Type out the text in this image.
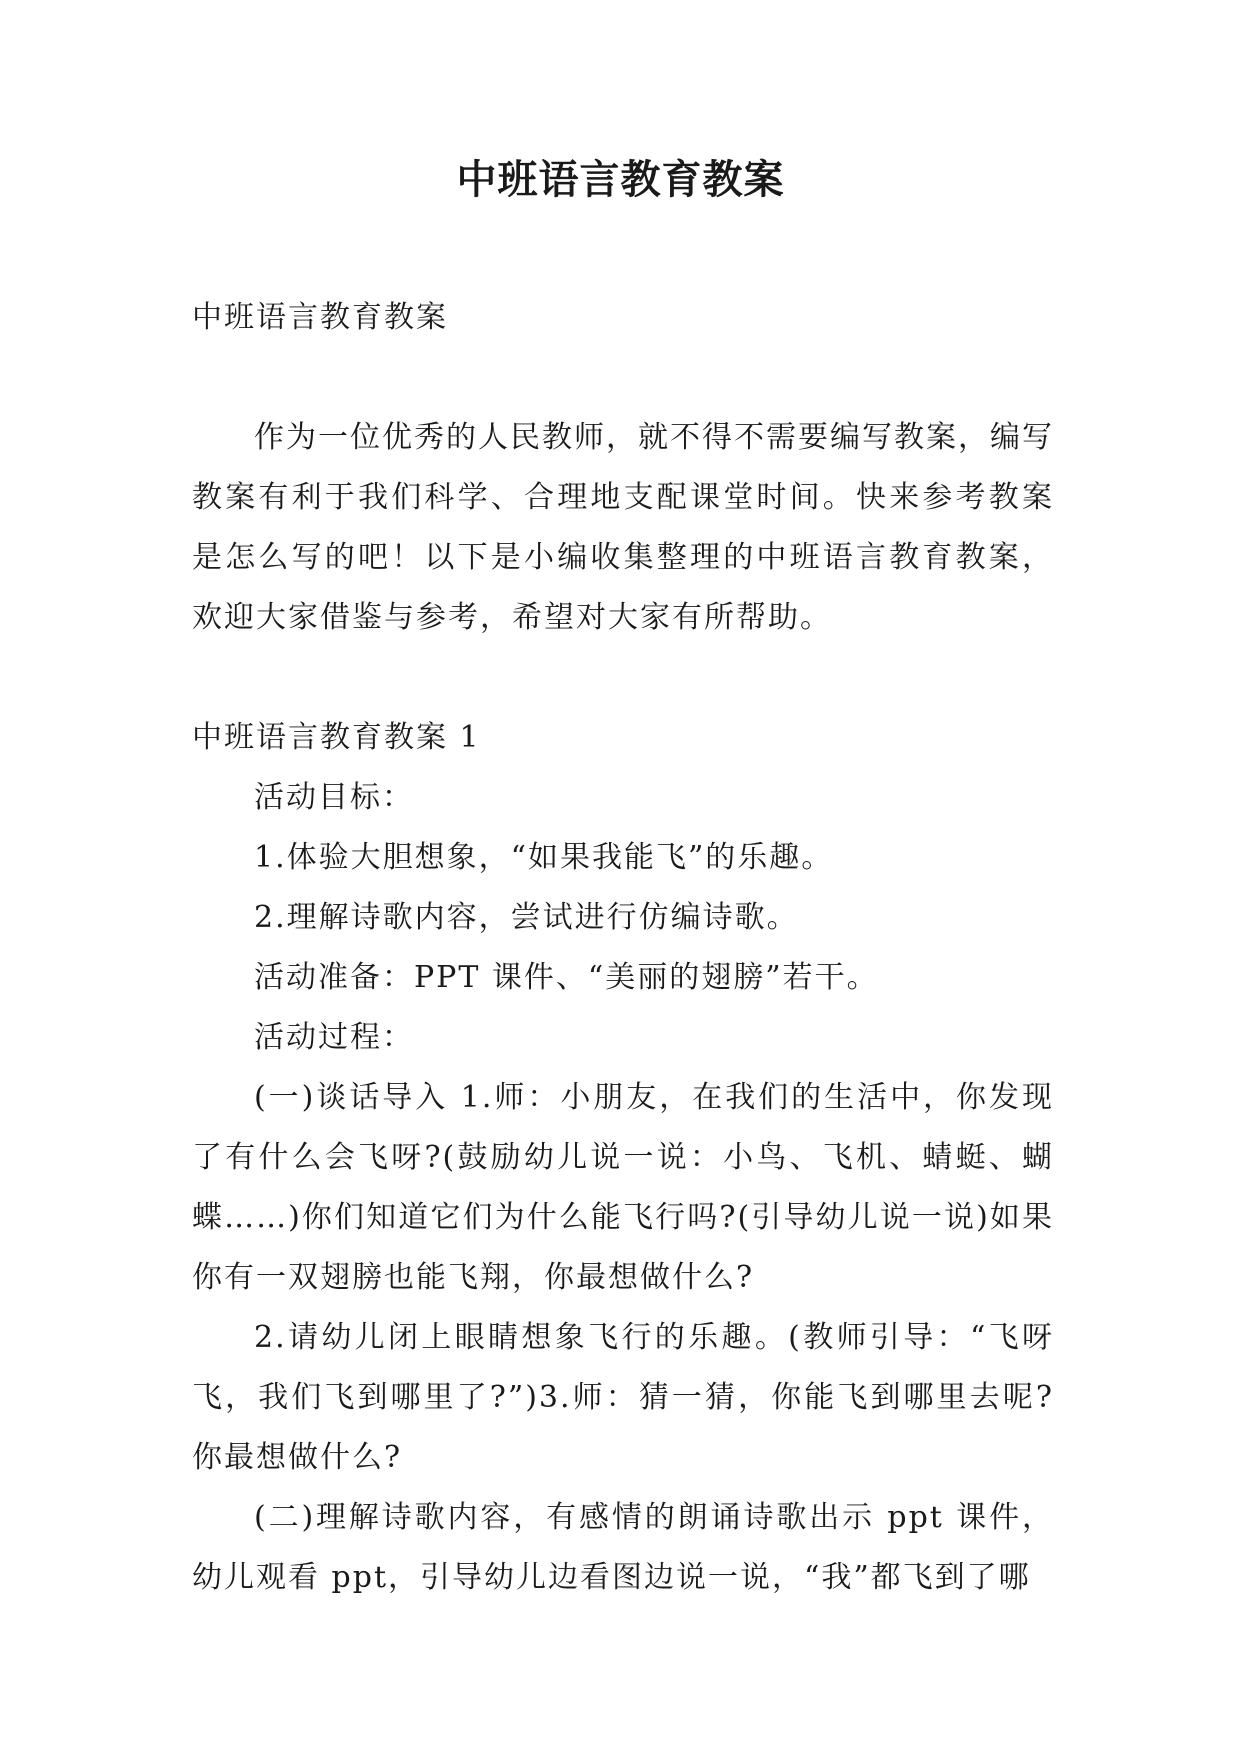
中班语言教育教案

中班语言教育教案

作为一位优秀的人民教师，就不得不需要编写教案，编写教案有利于我们科学、合理地支配课堂时间。快来参考教案是怎么写的吧！以下是小编收集整理的中班语言教育教案，欢迎大家借鉴与参考，希望对大家有所帮助。

中班语言教育教案 1

活动目标：

1.体验大胆想象，“如果我能飞”的乐趣。

2.理解诗歌内容，尝试进行仿编诗歌。

活动准备：PPT 课件、“美丽的翅膀”若干。

活动过程：

(一)谈话导入 1.师：小朋友，在我们的生活中，你发现了有什么会飞呀?(鼓励幼儿说一说：小鸟、飞机、蜻蜓、蝴蝶……)你们知道它们为什么能飞行吗?(引导幼儿说一说)如果你有一双翅膀也能飞翔，你最想做什么?

2.请幼儿闭上眼睛想象飞行的乐趣。(教师引导：“飞呀飞，我们飞到哪里了?”)3.师：猜一猜，你能飞到哪里去呢?你最想做什么?

(二)理解诗歌内容，有感情的朗诵诗歌出示 ppt 课件，幼儿观看 ppt，引导幼儿边看图边说一说，“我”都飞到了哪
